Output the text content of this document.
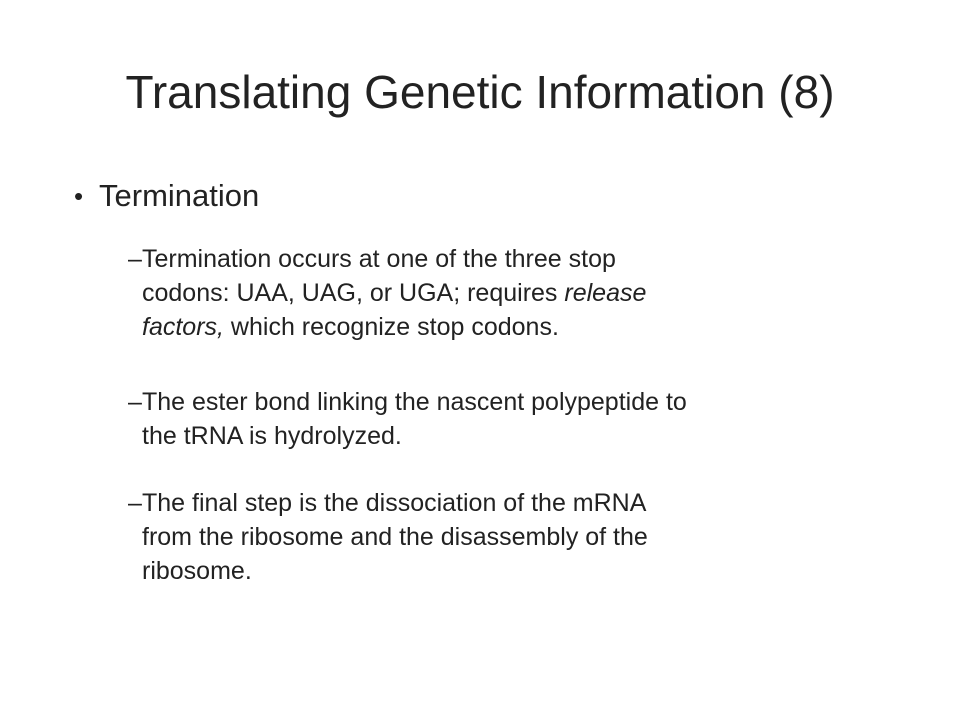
Translating Genetic Information (8)
• Termination
– Termination occurs at one of the three stop
codons: UAA, UAG, or UGA; requires release
factors, which recognize stop codons.
– The ester bond linking the nascent polypeptide to
the tRNA is hydrolyzed.
– The final step is the dissociation of the mRNA
from the ribosome and the disassembly of the
ribosome.
